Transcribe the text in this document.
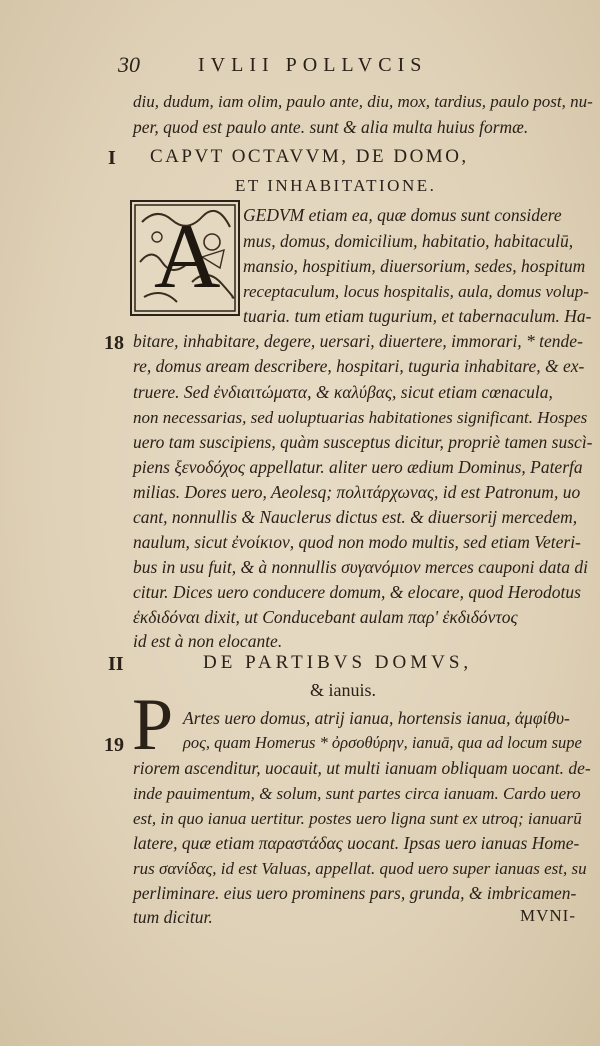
30	IVLII POLLVCIS
diu, dudum, iam olim, paulo ante, diu, mox, tardius, paulo post, nu-
per, quod est paulo ante. sunt & alia multa huius formæ.
I CAPVT OCTAVVM, DE DOMO,
ET INHABITATIONE.
A GEDVM etiam ea, quæ domus sunt considere
mus, domus, domicilium, habitatio, habitaculū,
mansio, hospitium, diuersorium, sedes, hospitum
receptaculum, locus hospitalis, aula, domus volup-
tuaria. tum etiam tugurium, et tabernaculum. Ha-
18 bitare, inhabitare, degere, uersari, diuertere, immorari, * tende-
re, domus aream describere, hospitari, tuguria inhabitare, & ex-
truere. Sed ἐνδιαιτώματα, & καλύβας, sicut etiam cœnacula,
non necessarias, sed uoluptuarias habitationes significant. Hospes
uero tam suscipiens, quàm susceptus dicitur, propriè tamen suscì-
piens ξενοδόχος appellatur. aliter uero ædium Dominus, Paterfa
milias. Dores uero, Aeolesq; πολιτάρχωνας, id est Patronum, uo
cant, nonnullis & Nauclerus dictus est. & diuersorij mercedem,
naulum, sicut ἐνοίκιον, quod non modo multis, sed etiam Veteri-
bus in usu fuit, & à nonnullis συγανόμιον merces cauponi data di
citur. Dices uero conducere domum, & elocare, quod Herodotus
ἐκδιδόναι dixit, ut Conducebant aulam παρ' ἐκδιδόντος
id est à non elocante.
II	DE PARTIBVS DOMVS,
& ianuis.
P Artes uero domus, atrij ianua, hortensis ianua, ἀμφίθυ-
19	ρος, quam Homerus * ὀρσοθύρην, ianuā, qua ad locum supe
riorem ascenditur, uocauit, ut multi ianuam obliquam uocant. de-
inde pauimentum, & solum, sunt partes circa ianuam. Cardo uero
est, in quo ianua uertitur. postes uero ligna sunt ex utroq; ianuarū
latere, quæ etiam παραστάδας uocant. Ipsas uero ianuas Home-
rus σανίδας, id est Valuas, appellat. quod uero super ianuas est, su
perliminare. eius uero prominens pars, grunda, & imbricamen-
tum dicitur.	MVNI-
